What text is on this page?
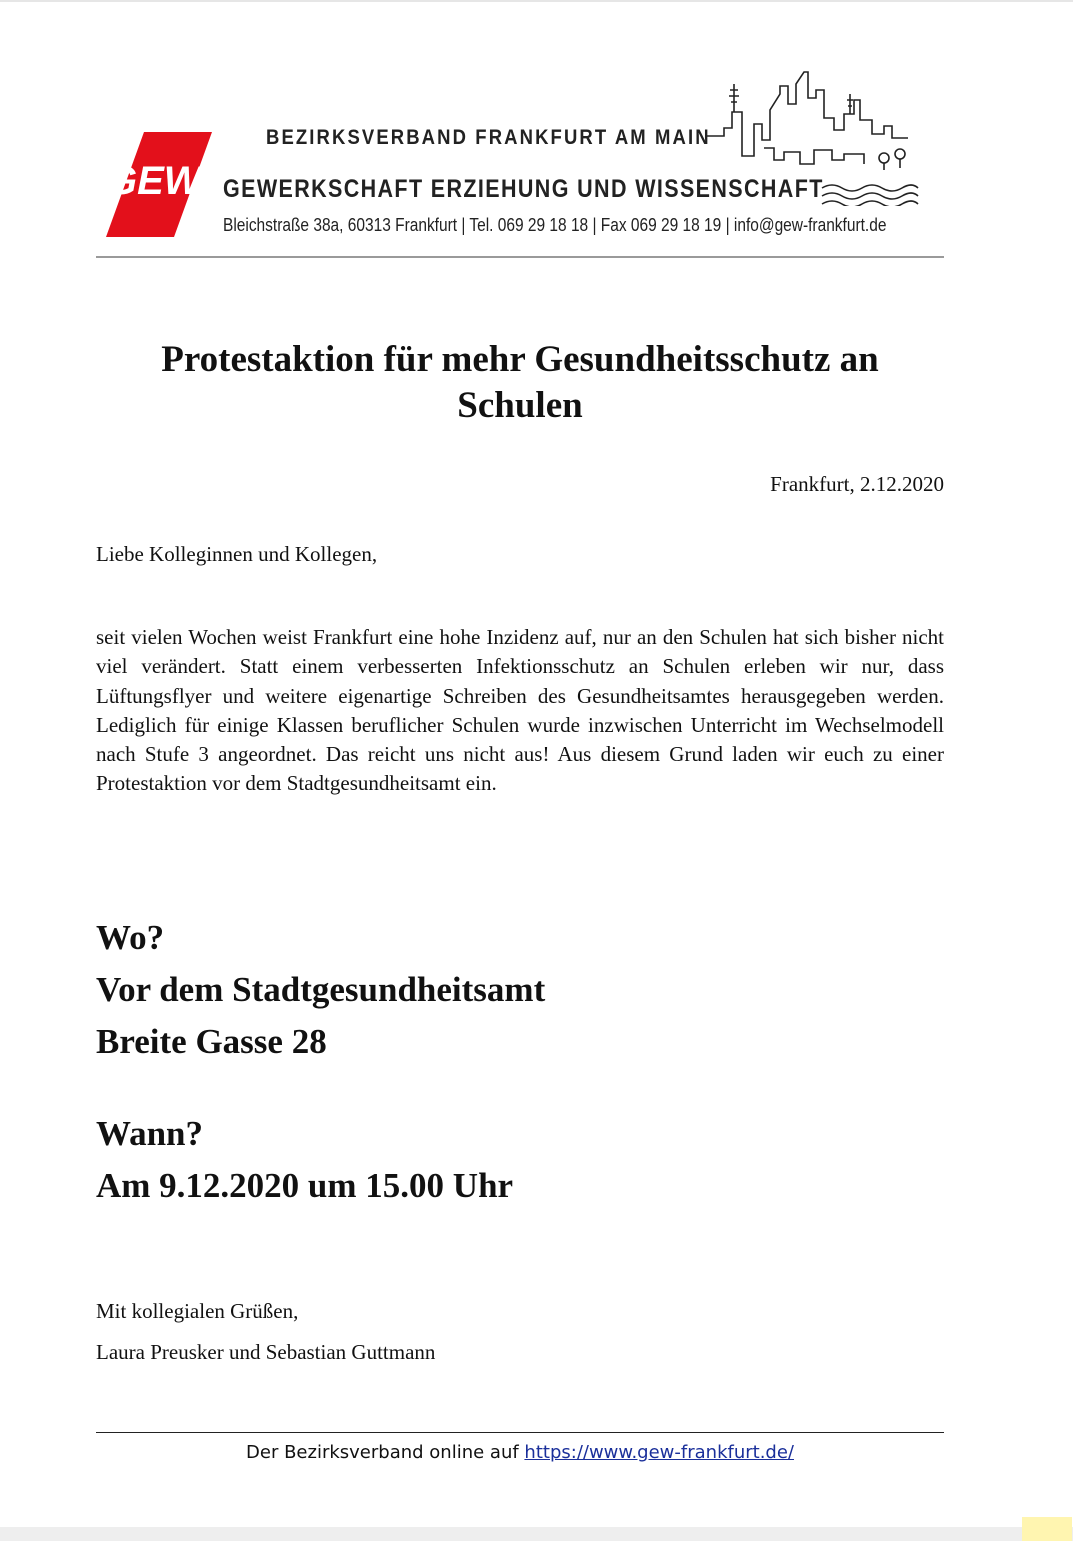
GEW
BEZIRKSVERBAND FRANKFURT AM MAIN
GEWERKSCHAFT ERZIEHUNG UND WISSENSCHAFT
Bleichstraße 38a, 60313 Frankfurt | Tel. 069 29 18 18 | Fax 069 29 18 19 | info@gew-frankfurt.de
Protestaktion für mehr Gesundheitsschutz an Schulen
Frankfurt, 2.12.2020
Liebe Kolleginnen und Kollegen,
seit vielen Wochen weist Frankfurt eine hohe Inzidenz auf, nur an den Schulen hat sich bisher nicht viel verändert. Statt einem verbesserten Infektionsschutz an Schulen erleben wir nur, dass Lüftungsflyer und weitere eigenartige Schreiben des Gesundheitsamtes herausgegeben werden. Lediglich für einige Klassen beruflicher Schulen wurde inzwischen Unterricht im Wechselmodell nach Stufe 3 angeordnet. Das reicht uns nicht aus! Aus diesem Grund laden wir euch zu einer Protestaktion vor dem Stadtgesundheitsamt ein.
Wo?
Vor dem Stadtgesundheitsamt
Breite Gasse 28
Wann?
Am 9.12.2020 um 15.00 Uhr
Mit kollegialen Grüßen,
Laura Preusker und Sebastian Guttmann
Der Bezirksverband online auf https://www.gew-frankfurt.de/
